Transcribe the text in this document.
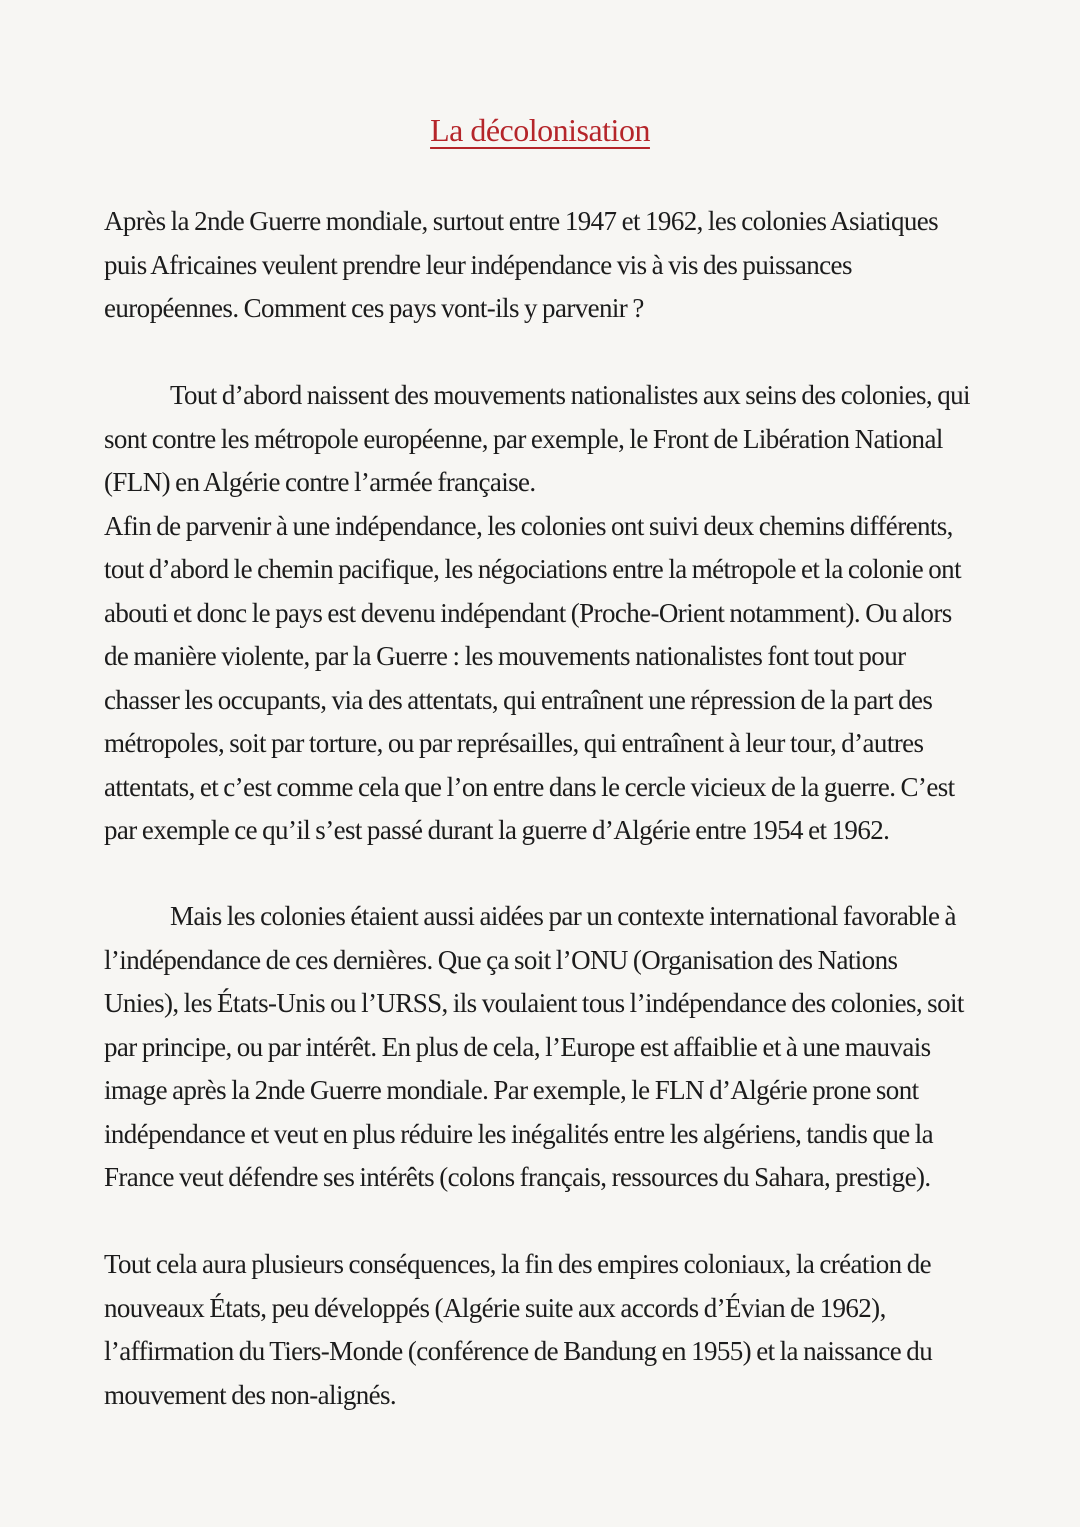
La décolonisation
Après la 2nde Guerre mondiale, surtout entre 1947 et 1962, les colonies Asiatiques puis Africaines veulent prendre leur indépendance vis à vis des puissances européennes. Comment ces pays vont-ils y parvenir ?
Tout d’abord naissent des mouvements nationalistes aux seins des colonies, qui sont contre les métropole européenne, par exemple, le Front de Libération National (FLN) en Algérie contre l’armée française.
Afin de parvenir à une indépendance, les colonies ont suivi deux chemins différents, tout d’abord le chemin pacifique, les négociations entre la métropole et la colonie ont abouti et donc le pays est devenu indépendant (Proche-Orient notamment). Ou alors de manière violente, par la Guerre : les mouvements nationalistes font tout pour chasser les occupants, via des attentats, qui entraînent une répression de la part des métropoles, soit par torture, ou par représailles, qui entraînent à leur tour, d’autres attentats, et c’est comme cela que l’on entre dans le cercle vicieux de la guerre. C’est par exemple ce qu’il s’est passé durant la guerre d’Algérie entre 1954 et 1962.
Mais les colonies étaient aussi aidées par un contexte international favorable à l’indépendance de ces dernières. Que ça soit l’ONU (Organisation des Nations Unies), les États-Unis ou l’URSS, ils voulaient tous l’indépendance des colonies, soit par principe, ou par intérêt. En plus de cela, l’Europe est affaiblie et à une mauvais image après la 2nde Guerre mondiale. Par exemple, le FLN d’Algérie prone sont indépendance et veut en plus réduire les inégalités entre les algériens, tandis que la France veut défendre ses intérêts (colons français, ressources du Sahara, prestige).
Tout cela aura plusieurs conséquences, la fin des empires coloniaux, la création de nouveaux États, peu développés (Algérie suite aux accords d’Évian de 1962), l’affirmation du Tiers-Monde (conférence de Bandung en 1955) et la naissance du mouvement des non-alignés.
